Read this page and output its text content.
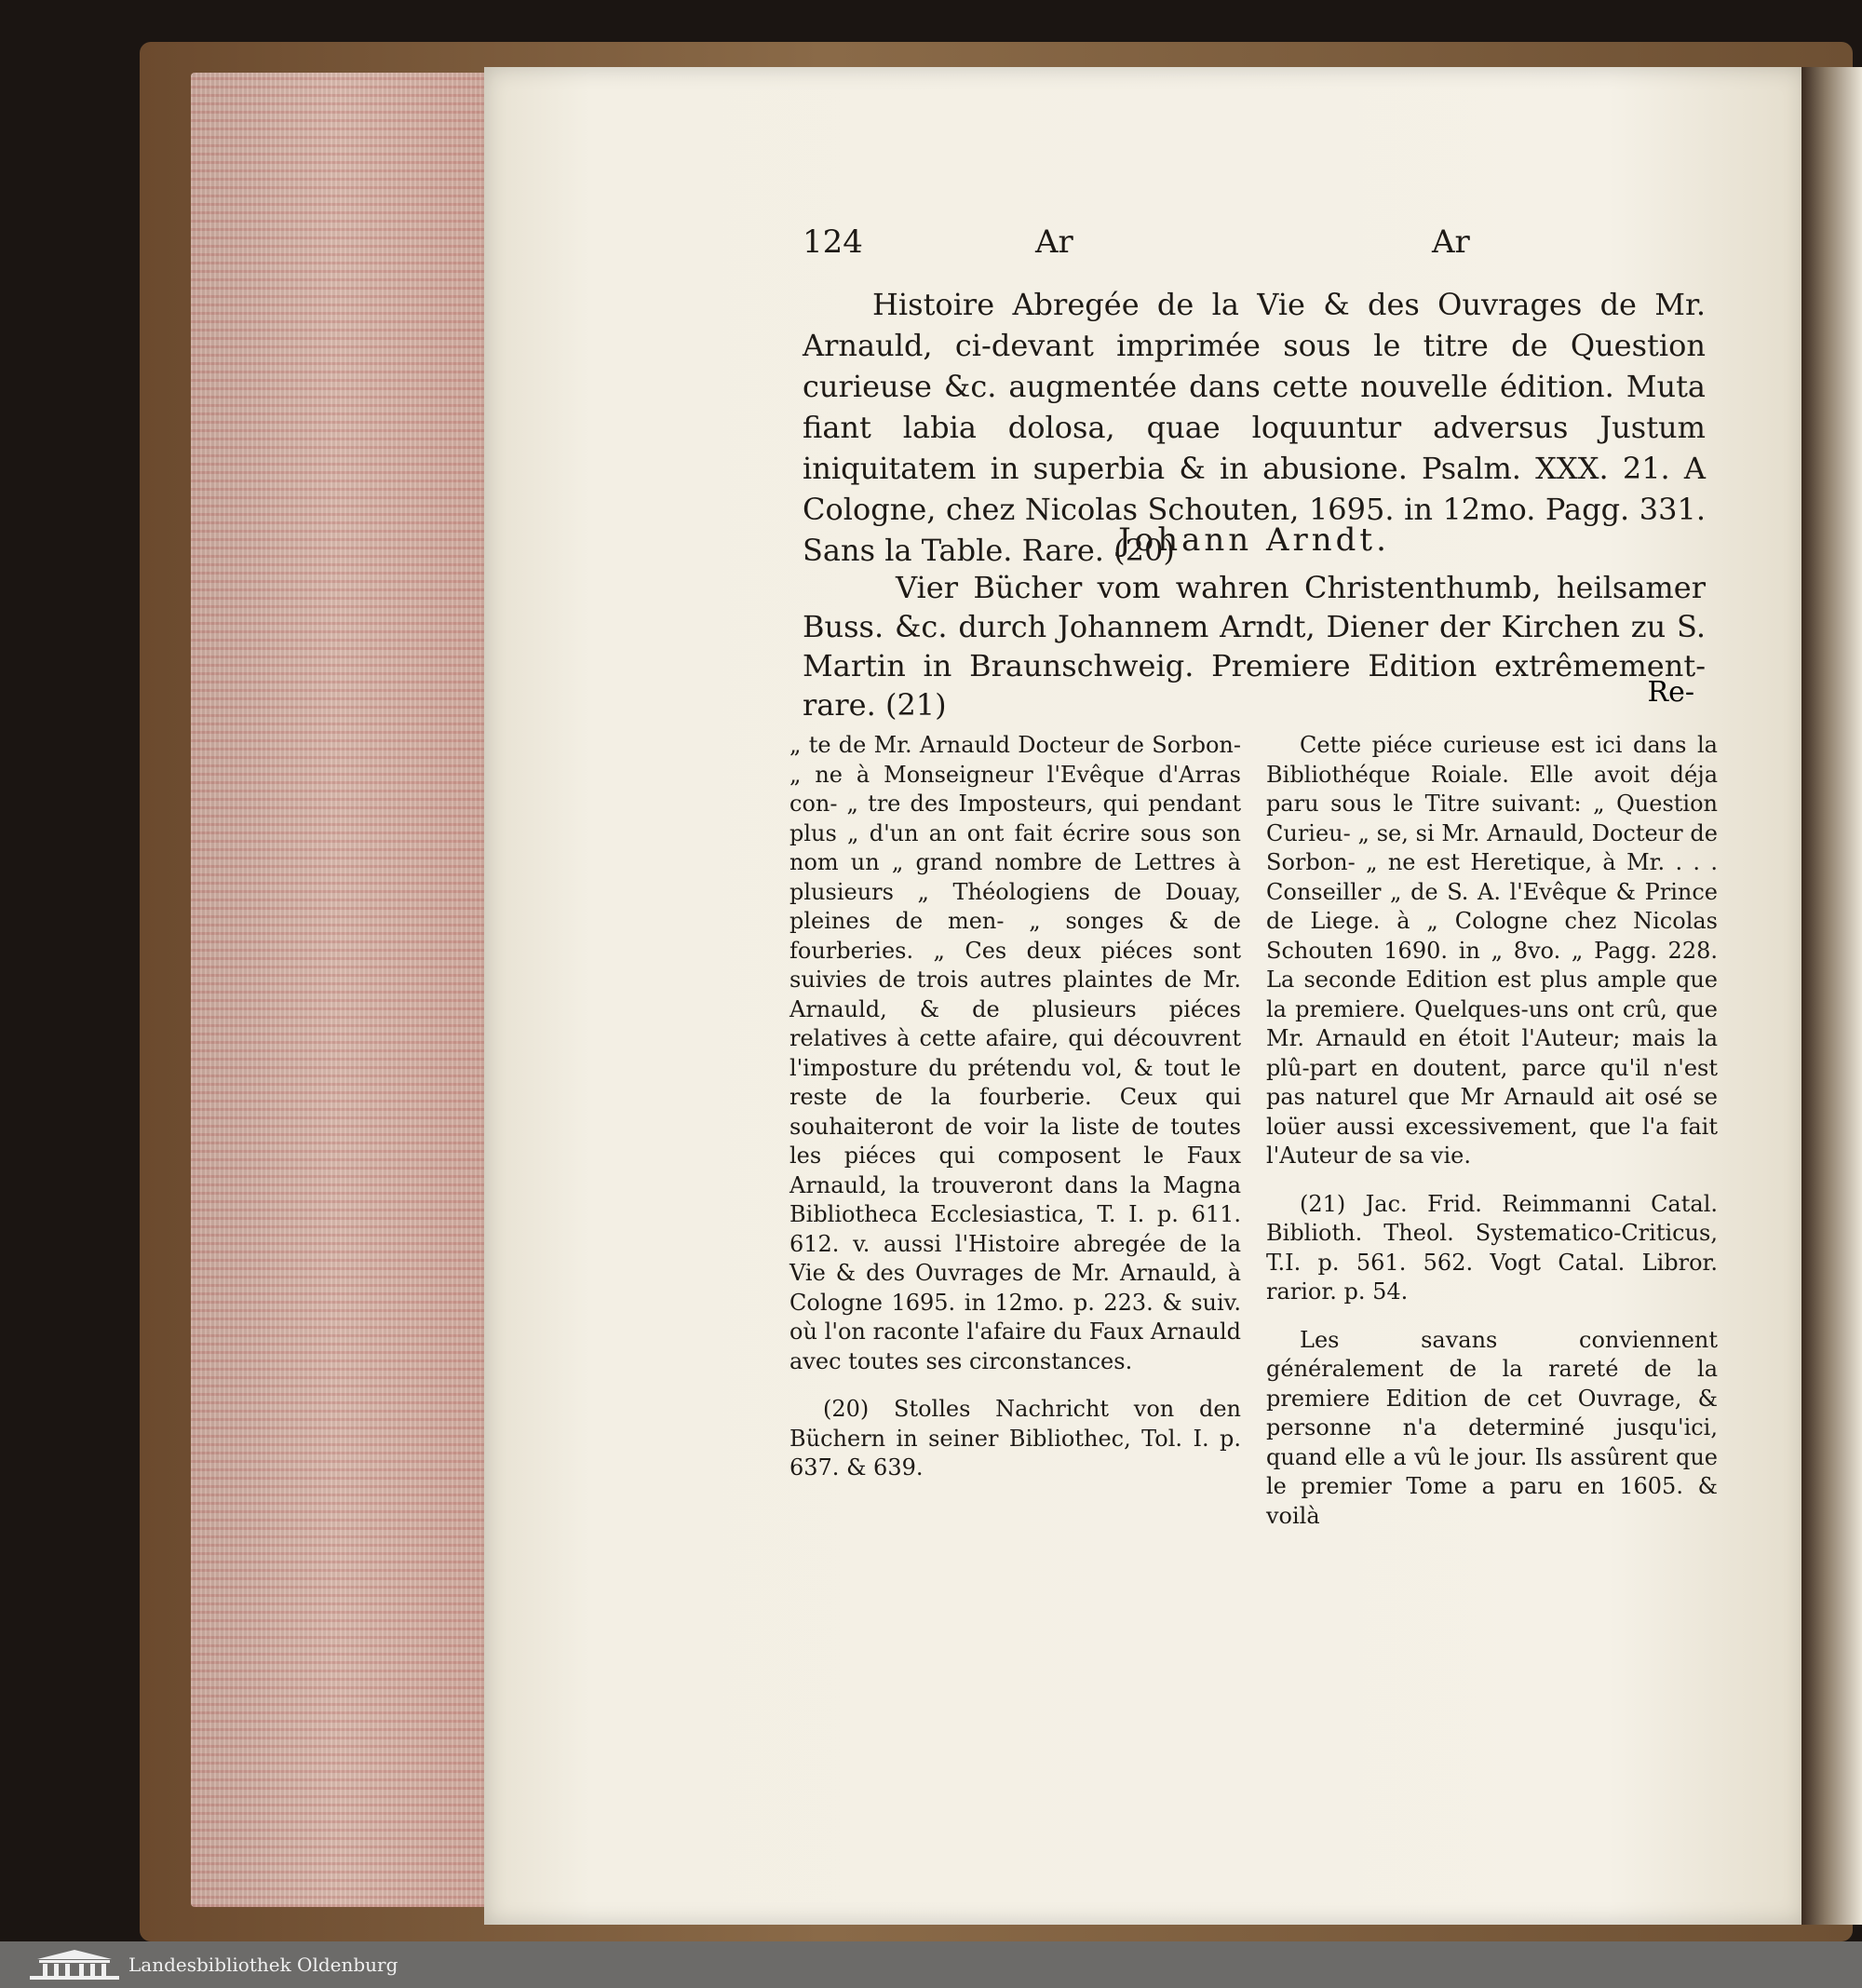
124	Ar	Ar

Histoire Abregée de la Vie & des Ouvrages de Mr. Arnauld, ci-devant imprimée sous le titre de Question curieuse &c. augmentée dans cette nouvelle édition. Muta fiant labia dolosa, quae loquuntur adversus Justum iniquitatem in superbia & in abusione. Psalm. XXX. 21. A Cologne, chez Nicolas Schouten, 1695. in 12mo. Pagg. 331. Sans la Table. Rare. (20)

Johann Arndt.

Vier Bücher vom wahren Christenthumb, heilsamer Buss. &c. durch Johannem Arndt, Diener der Kirchen zu S. Martin in Braunschweig. Premiere Edition extrêmement-rare. (21)	Re-

„ te de Mr. Arnauld Docteur de Sorbon- „ ne à Monseigneur l'Evêque d'Arras con- „ tre des Imposteurs, qui pendant plus „ d'un an ont fait écrire sous son nom un „ grand nombre de Lettres à plusieurs „ Théologiens de Douay, pleines de men- „ songes & de fourberies. „ Ces deux piéces sont suivies de trois autres plaintes de Mr. Arnauld, & de plusieurs piéces relatives à cette afaire, qui découvrent l'imposture du prétendu vol, & tout le reste de la fourberie. Ceux qui souhaiteront de voir la liste de toutes les piéces qui composent le Faux Arnauld, la trouveront dans la Magna Bibliotheca Ecclesiastica, T. I. p. 611. 612. v. aussi l'Histoire abregée de la Vie & des Ouvrages de Mr. Arnauld, à Cologne 1695. in 12mo. p. 223. & suiv. où l'on raconte l'afaire du Faux Arnauld avec toutes ses circonstances.

(20) Stolles Nachricht von den Büchern in seiner Bibliothec, Tol. I. p. 637. & 639.

Cette piéce curieuse est ici dans la Bibliothéque Roiale. Elle avoit déja paru sous le Titre suivant: „ Question Curieu- „ se, si Mr. Arnauld, Docteur de Sorbon- „ ne est Heretique, à Mr. . . . Conseiller „ de S. A. l'Evêque & Prince de Liege. à „ Cologne chez Nicolas Schouten 1690. in „ 8vo. „ Pagg. 228. La seconde Edition est plus ample que la premiere. Quelques-uns ont crû, que Mr. Arnauld en étoit l'Auteur; mais la plû-part en doutent, parce qu'il n'est pas naturel que Mr Arnauld ait osé se loüer aussi excessivement, que l'a fait l'Auteur de sa vie.

(21) Jac. Frid. Reimmanni Catal. Biblioth. Theol. Systematico-Criticus, T.I. p. 561. 562. Vogt Catal. Libror. rarior. p. 54.

Les savans conviennent généralement de la rareté de la premiere Edition de cet Ouvrage, & personne n'a determiné jusqu'ici, quand elle a vû le jour. Ils assûrent que le premier Tome a paru en 1605. & voilà

Landesbibliothek Oldenburg
